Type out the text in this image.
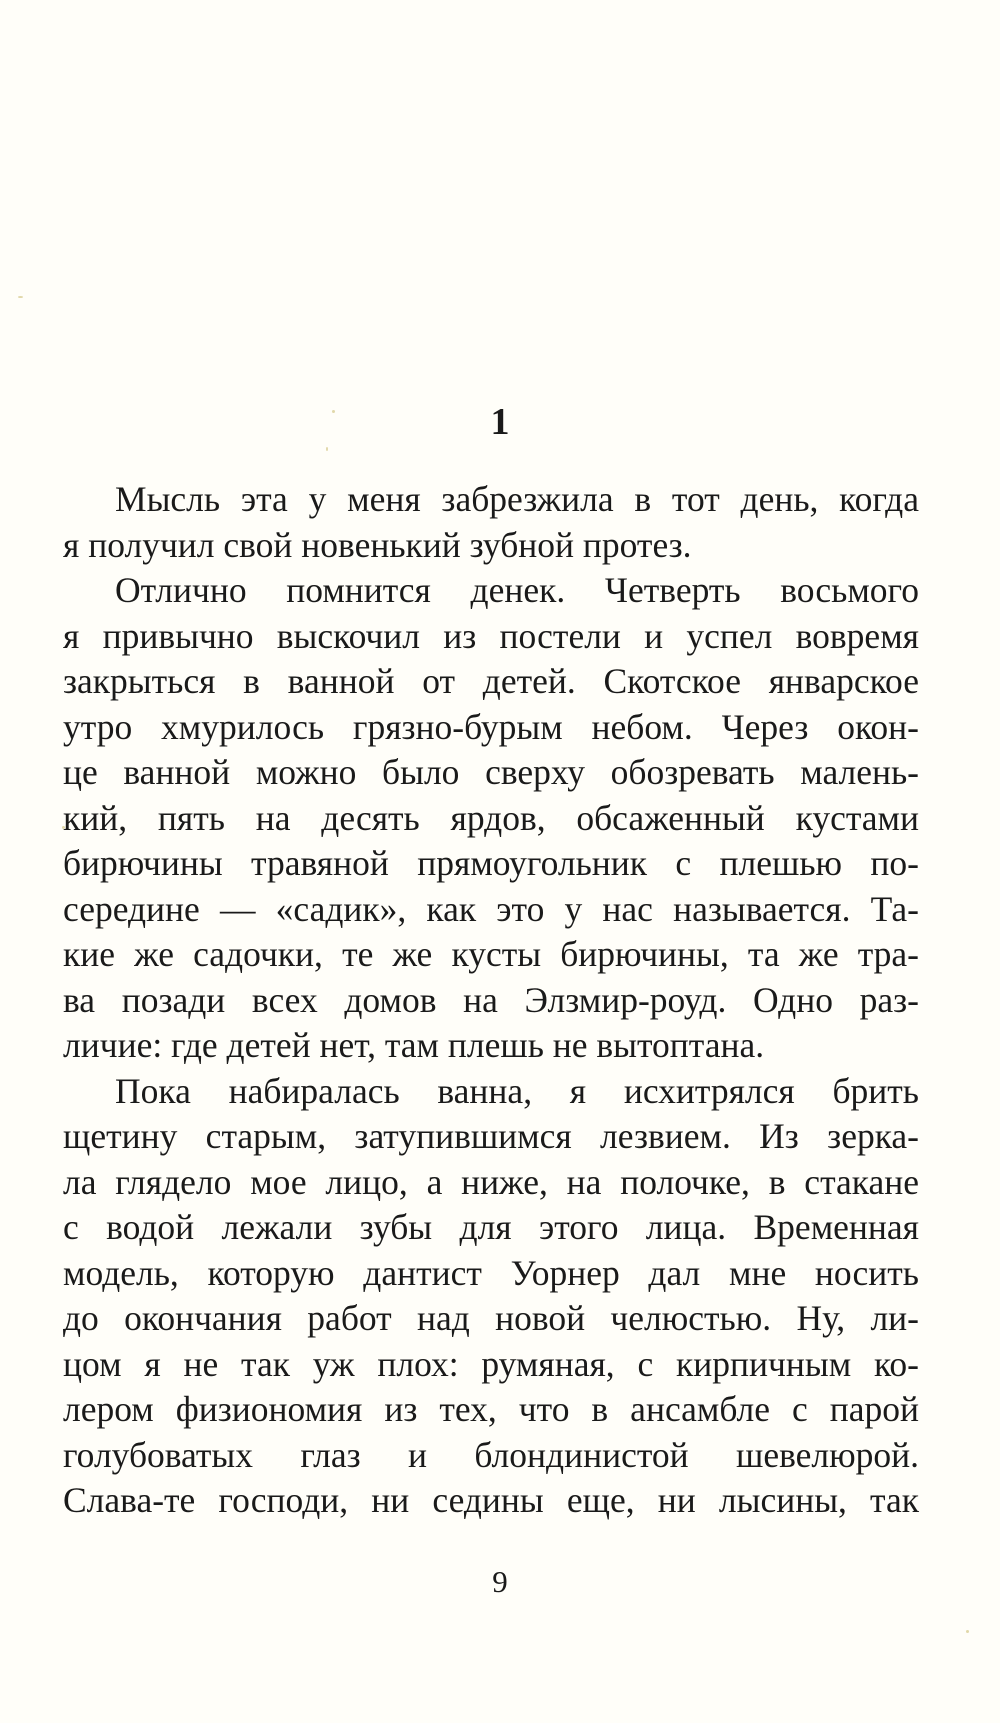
1
Мысль эта у меня забрезжила в тот день, когда
я получил свой новенький зубной протез.
Отлично помнится денек. Четверть восьмого
я привычно выскочил из постели и успел вовремя
закрыться в ванной от детей. Скотское январское
утро хмурилось грязно-бурым небом. Через окон-
це ванной можно было сверху обозревать малень-
кий, пять на десять ярдов, обсаженный кустами
бирючины травяной прямоугольник с плешью по-
середине — «садик», как это у нас называется. Та-
кие же садочки, те же кусты бирючины, та же тра-
ва позади всех домов на Элзмир-роуд. Одно раз-
личие: где детей нет, там плешь не вытоптана.
Пока набиралась ванна, я исхитрялся брить
щетину старым, затупившимся лезвием. Из зерка-
ла глядело мое лицо, а ниже, на полочке, в стакане
с водой лежали зубы для этого лица. Временная
модель, которую дантист Уорнер дал мне носить
до окончания работ над новой челюстью. Ну, ли-
цом я не так уж плох: румяная, с кирпичным ко-
лером физиономия из тех, что в ансамбле с парой
голубоватых глаз и блондинистой шевелюрой.
Слава-те господи, ни седины еще, ни лысины, так
9
